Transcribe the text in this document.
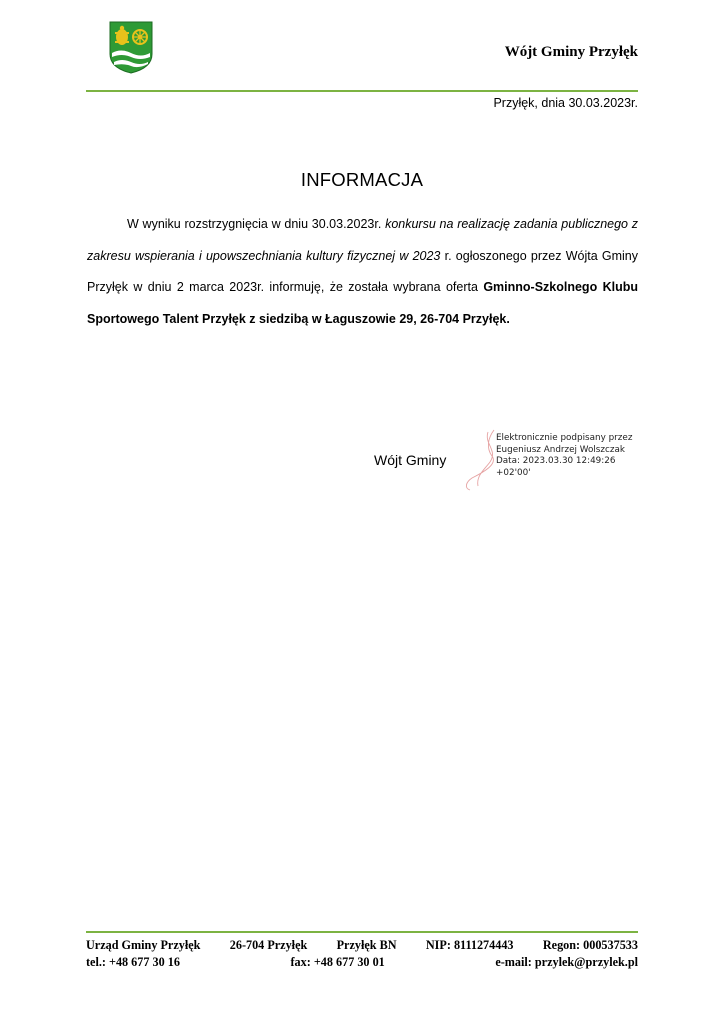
Wójt Gminy Przyłęk
Przyłęk, dnia 30.03.2023r.
INFORMACJA
W wyniku rozstrzygnięcia w dniu 30.03.2023r. konkursu na realizację zadania publicznego z zakresu wspierania i upowszechniania kultury fizycznej w 2023 r. ogłoszonego przez Wójta Gminy Przyłęk w dniu 2 marca 2023r. informuję, że została wybrana oferta Gminno-Szkolnego Klubu Sportowego Talent Przyłęk z siedzibą w Łaguszowie 29, 26-704 Przyłęk.
Wójt Gminy
Elektronicznie podpisany przez
Eugeniusz Andrzej Wolszczak
Data: 2023.03.30 12:49:26
+02'00'
Urząd Gminy Przyłęk 26-704 Przyłęk Przyłęk BN NIP: 8111274443 Regon: 000537533
tel.: +48 677 30 16	fax: +48 677 30 01	e-mail: przylek@przylek.pl
